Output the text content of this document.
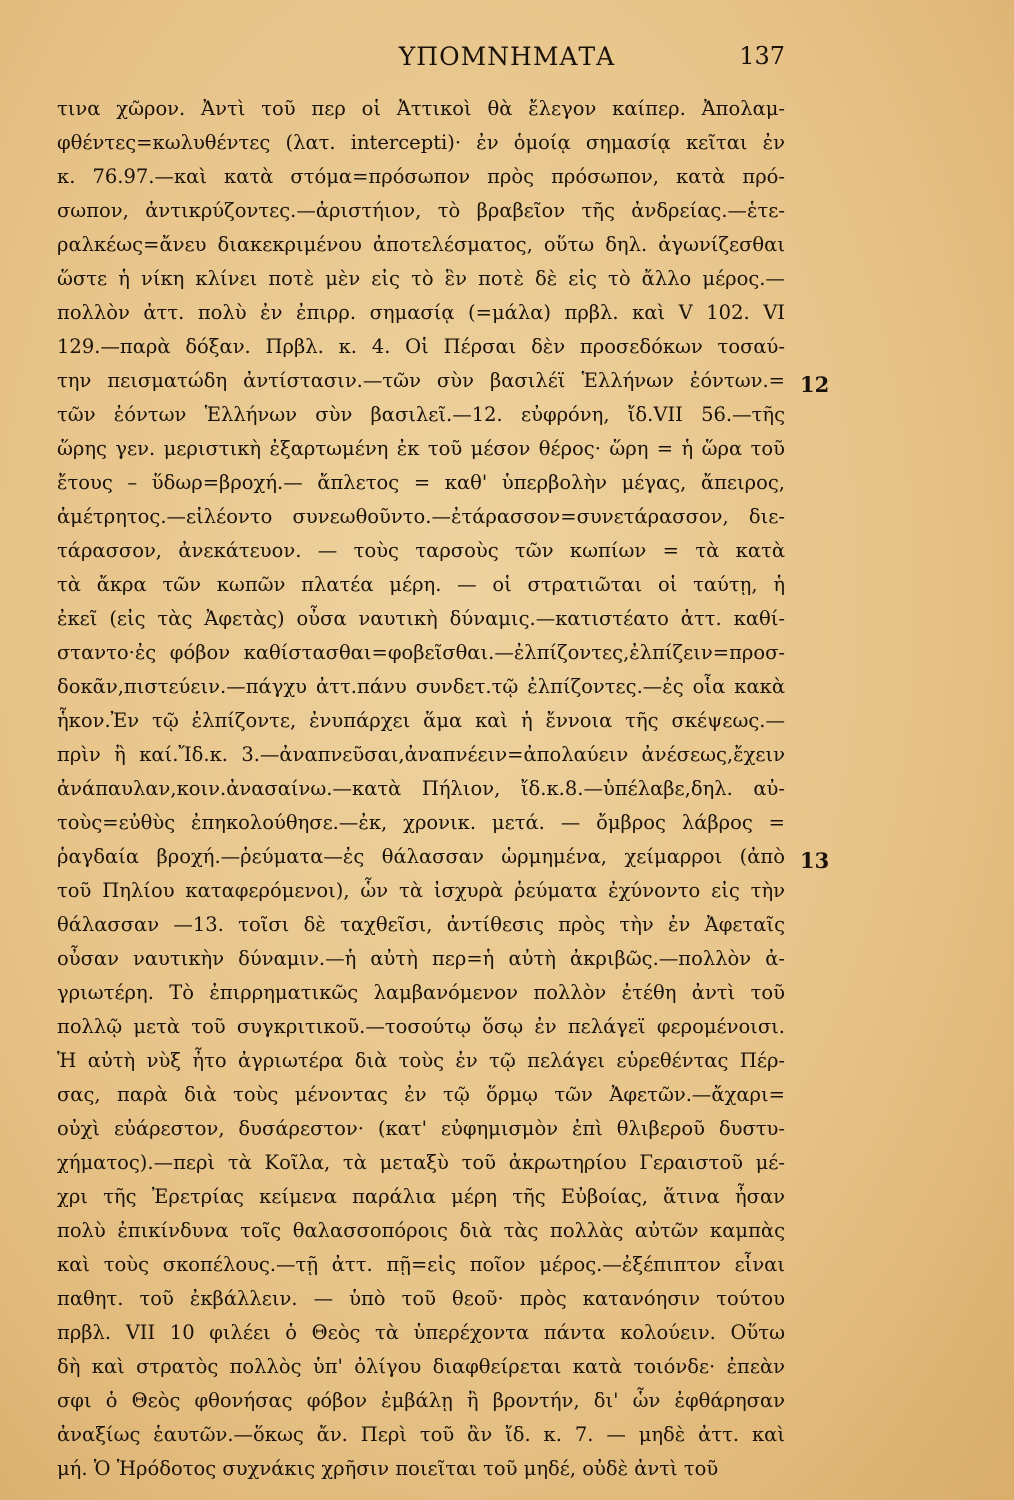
ΥΠΟΜΝΗΜΑΤΑ	137
τινα χῶρον. Ἀντὶ τοῦ περ οἱ Ἀττικοὶ θὰ ἔλεγον καίπερ. Ἀπολαμ-
φθέντες=κωλυθέντες (λατ. intercepti)· ἐν ὁμοίᾳ σημασίᾳ κεῖται ἐν
κ. 76.97.—καὶ κατὰ στόμα=πρόσωπον πρὸς πρόσωπον, κατὰ πρό-
σωπον, ἀντικρύζοντες.—ἀριστήιον, τὸ βραβεῖον τῆς ἀνδρείας.—ἑτε-
ραλκέως=ἄνευ διακεκριμένου ἀποτελέσματος, οὕτω δηλ. ἀγωνίζεσθαι
ὥστε ἡ νίκη κλίνει ποτὲ μὲν εἰς τὸ ἓν ποτὲ δὲ εἰς τὸ ἄλλο μέρος.—
πολλὸν ἀττ. πολὺ ἐν ἐπιρρ. σημασίᾳ (=μάλα) πρβλ. καὶ V 102. VI
129.—παρὰ δόξαν. Πρβλ. κ. 4. Οἱ Πέρσαι δὲν προσεδόκων τοσαύ-
την πεισματώδη ἀντίστασιν.—τῶν σὺν βασιλέϊ Ἑλλήνων ἐόντων.=
τῶν ἐόντων Ἑλλήνων σὺν βασιλεῖ.—12. εὐφρόνη, ἴδ.VII 56.—τῆς
ὥρης γεν. μεριστικὴ ἐξαρτωμένη ἐκ τοῦ μέσον θέρος· ὥρη = ἡ ὥρα τοῦ
ἔτους – ὕδωρ=βροχή.— ἄπλετος = καθ' ὑπερβολὴν μέγας, ἄπειρος,
ἀμέτρητος.—εἱλέοντο συνεωθοῦντο.—ἐτάρασσον=συνετάρασσον, διε-
τάρασσον, ἀνεκάτευον. — τοὺς ταρσοὺς τῶν κωπίων = τὰ κατὰ
τὰ ἄκρα τῶν κωπῶν πλατέα μέρη. — οἱ στρατιῶται οἱ ταύτῃ, ἡ
ἐκεῖ (εἰς τὰς Ἀφετὰς) οὖσα ναυτικὴ δύναμις.—κατιστέατο ἀττ. καθί-
σταντο·ἐς φόβον καθίστασθαι=φοβεῖσθαι.—ἐλπίζοντες,ἐλπίζειν=προσ-
δοκᾶν,πιστεύειν.—πάγχυ ἀττ.πάνυ συνδετ.τῷ ἐλπίζοντες.—ἐς οἷα κακὰ
ἧκον.Ἐν τῷ ἐλπίζοντε, ἐνυπάρχει ἅμα καὶ ἡ ἔννοια τῆς σκέψεως.—
πρὶν ἢ καί.Ἴδ.κ. 3.—ἀναπνεῦσαι,ἀναπνέειν=ἀπολαύειν ἀνέσεως,ἔχειν
ἀνάπαυλαν,κοιν.ἀνασαίνω.—κατὰ Πήλιον, ἴδ.κ.8.—ὑπέλαβε,δηλ. αὐ-
τοὺς=εὐθὺς ἐπηκολούθησε.—ἐκ, χρονικ. μετά. — ὄμβρος λάβρος =
ῥαγδαία βροχή.—ῥεύματα—ἐς θάλασσαν ὡρμημένα, χείμαρροι (ἀπὸ
τοῦ Πηλίου καταφερόμενοι), ὧν τὰ ἰσχυρὰ ῥεύματα ἐχύνοντο εἰς τὴν
θάλασσαν —13. τοῖσι δὲ ταχθεῖσι, ἀντίθεσις πρὸς τὴν ἐν Ἀφεταῖς
οὖσαν ναυτικὴν δύναμιν.—ἡ αὐτὴ περ=ἡ αὐτὴ ἀκριβῶς.—πολλὸν ἀ-
γριωτέρη. Τὸ ἐπιρρηματικῶς λαμβανόμενον πολλὸν ἐτέθη ἀντὶ τοῦ
πολλῷ μετὰ τοῦ συγκριτικοῦ.—τοσούτῳ ὅσῳ ἐν πελάγεϊ φερομένοισι.
Ἡ αὐτὴ νὺξ ἦτο ἀγριωτέρα διὰ τοὺς ἐν τῷ πελάγει εὑρεθέντας Πέρ-
σας, παρὰ διὰ τοὺς μένοντας ἐν τῷ ὅρμῳ τῶν Ἀφετῶν.—ἄχαρι=
οὐχὶ εὐάρεστον, δυσάρεστον· (κατ' εὐφημισμὸν ἐπὶ θλιβεροῦ δυστυ-
χήματος).—περὶ τὰ Κοῖλα, τὰ μεταξὺ τοῦ ἀκρωτηρίου Γεραιστοῦ μέ-
χρι τῆς Ἐρετρίας κείμενα παράλια μέρη τῆς Εὐβοίας, ἅτινα ἦσαν
πολὺ ἐπικίνδυνα τοῖς θαλασσοπόροις διὰ τὰς πολλὰς αὐτῶν καμπὰς
καὶ τοὺς σκοπέλους.—τῇ ἀττ. πῇ=εἰς ποῖον μέρος.—ἐξέπιπτον εἶναι
παθητ. τοῦ ἐκβάλλειν. — ὑπὸ τοῦ θεοῦ· πρὸς κατανόησιν τούτου
πρβλ. VII 10 φιλέει ὁ Θεὸς τὰ ὑπερέχοντα πάντα κολούειν. Οὕτω
δὴ καὶ στρατὸς πολλὸς ὑπ' ὀλίγου διαφθείρεται κατὰ τοιόνδε· ἐπεὰν
σφι ὁ Θεὸς φθονήσας φόβον ἐμβάλῃ ἢ βροντήν, δι' ὧν ἐφθάρησαν
ἀναξίως ἑαυτῶν.—ὅκως ἄν. Περὶ τοῦ ἂν ἴδ. κ. 7. — μηδὲ ἀττ. καὶ
μή. Ὁ Ἡρόδοτος συχνάκις χρῆσιν ποιεῖται τοῦ μηδέ, οὐδὲ ἀντὶ τοῦ
12
13
